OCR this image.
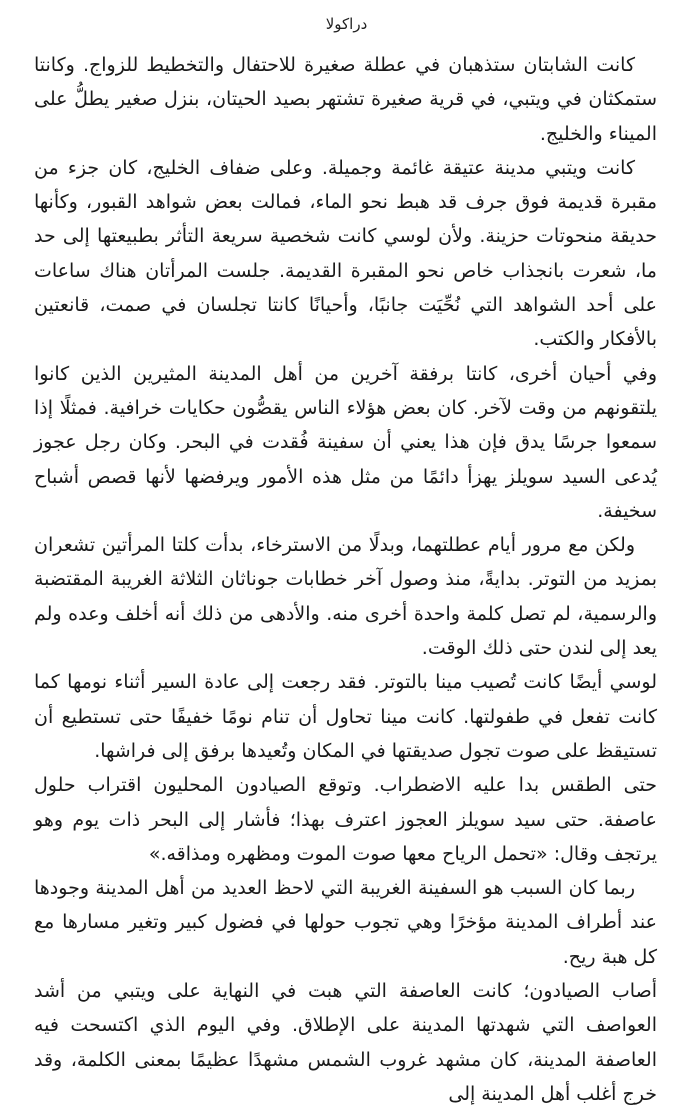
دراكولا

كانت الشابتان ستذهبان في عطلة صغيرة للاحتفال والتخطيط للزواج. وكانتا ستمكثان في ويتبي، في قرية صغيرة تشتهر بصيد الحيتان، بنزل صغير يطلُّ على الميناء والخليج.

كانت ويتبي مدينة عتيقة غائمة وجميلة. وعلى ضفاف الخليج، كان جزء من مقبرة قديمة فوق جرف قد هبط نحو الماء، فمالت بعض شواهد القبور، وكأنها حديقة منحوتات حزينة. ولأن لوسي كانت شخصية سريعة التأثر بطبيعتها إلى حد ما، شعرت بانجذاب خاص نحو المقبرة القديمة. جلست المرأتان هناك ساعات على أحد الشواهد التي نُحِّيَت جانبًا، وأحيانًا كانتا تجلسان في صمت، قانعتين بالأفكار والكتب.

وفي أحيان أخرى، كانتا برفقة آخرين من أهل المدينة المثيرين الذين كانوا يلتقونهم من وقت لآخر. كان بعض هؤلاء الناس يقصُّون حكايات خرافية. فمثلًا إذا سمعوا جرسًا يدق فإن هذا يعني أن سفينة فُقدت في البحر. وكان رجل عجوز يُدعى السيد سويلز يهزأ دائمًا من مثل هذه الأمور ويرفضها لأنها قصص أشباح سخيفة.

ولكن مع مرور أيام عطلتهما، وبدلًا من الاسترخاء، بدأت كلتا المرأتين تشعران بمزيد من التوتر. بدايةً، منذ وصول آخر خطابات جوناثان الثلاثة الغريبة المقتضبة والرسمية، لم تصل كلمة واحدة أخرى منه. والأدهى من ذلك أنه أخلف وعده ولم يعد إلى لندن حتى ذلك الوقت.

لوسي أيضًا كانت تُصيب مينا بالتوتر. فقد رجعت إلى عادة السير أثناء نومها كما كانت تفعل في طفولتها. كانت مينا تحاول أن تنام نومًا خفيفًا حتى تستطيع أن تستيقظ على صوت تجول صديقتها في المكان وتُعيدها برفق إلى فراشها.

حتى الطقس بدا عليه الاضطراب. وتوقع الصيادون المحليون اقتراب حلول عاصفة. حتى سيد سويلز العجوز اعترف بهذا؛ فأشار إلى البحر ذات يوم وهو يرتجف وقال: «تحمل الرياح معها صوت الموت ومظهره ومذاقه.»

ربما كان السبب هو السفينة الغريبة التي لاحظ العديد من أهل المدينة وجودها عند أطراف المدينة مؤخرًا وهي تجوب حولها في فضول كبير وتغير مسارها مع كل هبة ريح.

أصاب الصيادون؛ كانت العاصفة التي هبت في النهاية على ويتبي من أشد العواصف التي شهدتها المدينة على الإطلاق. وفي اليوم الذي اكتسحت فيه العاصفة المدينة، كان مشهد غروب الشمس مشهدًا عظيمًا بمعنى الكلمة، وقد خرج أغلب أهل المدينة إلى
